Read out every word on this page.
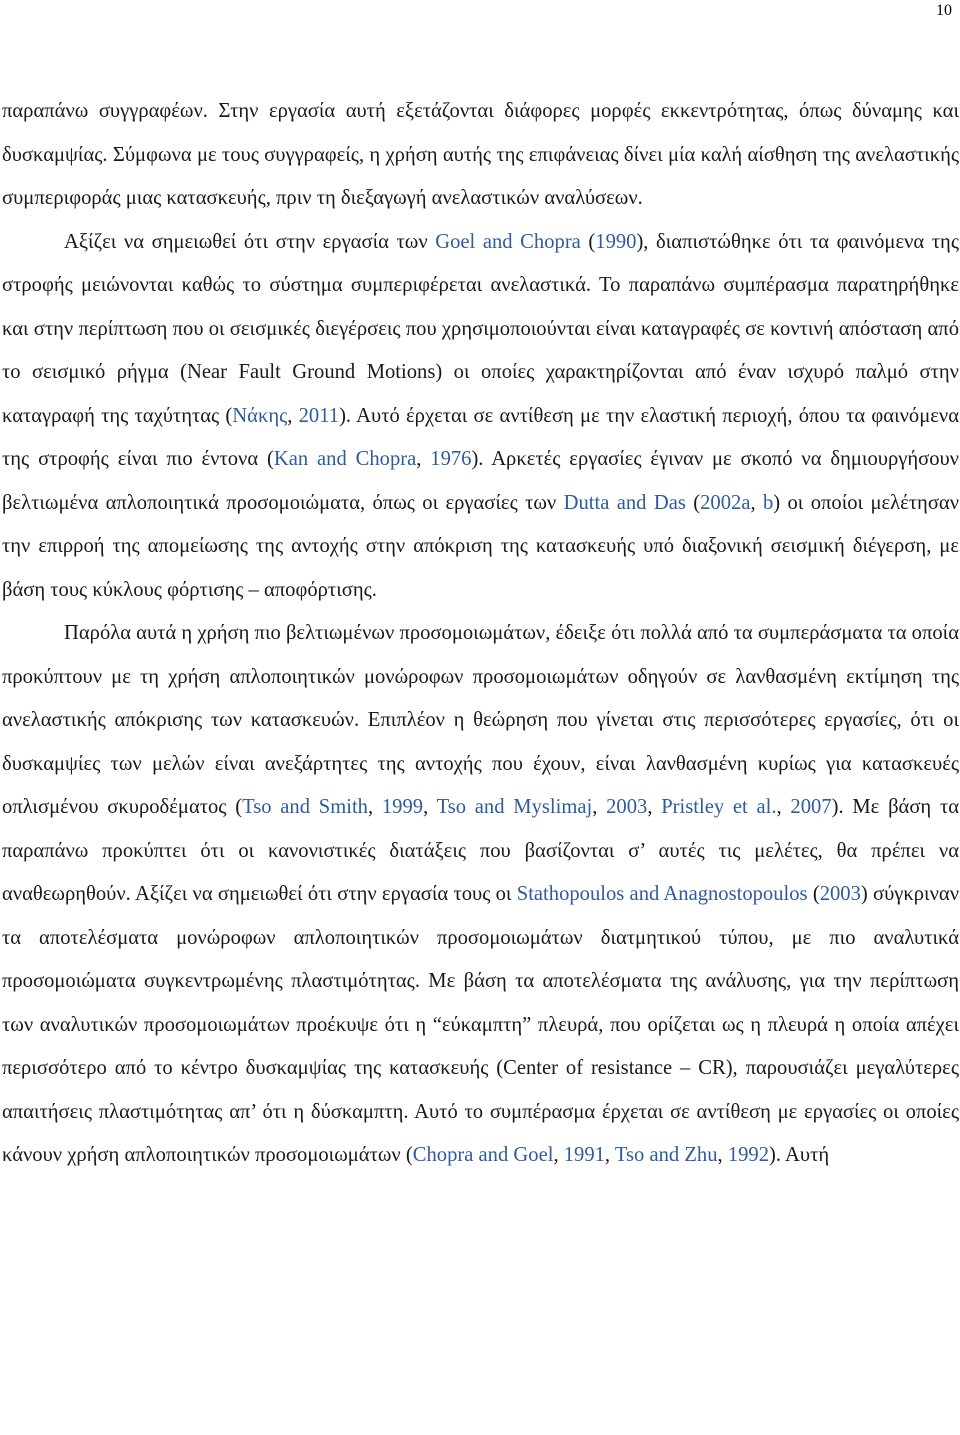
10

παραπάνω συγγραφέων. Στην εργασία αυτή εξετάζονται διάφορες μορφές εκκεντρότητας, όπως δύναμης και δυσκαμψίας. Σύμφωνα με τους συγγραφείς, η χρήση αυτής της επιφάνειας δίνει μία καλή αίσθηση της ανελαστικής συμπεριφοράς μιας κατασκευής, πριν τη διεξαγωγή ανελαστικών αναλύσεων.

Αξίζει να σημειωθεί ότι στην εργασία των Goel and Chopra (1990), διαπιστώθηκε ότι τα φαινόμενα της στροφής μειώνονται καθώς το σύστημα συμπεριφέρεται ανελαστικά. Το παραπάνω συμπέρασμα παρατηρήθηκε και στην περίπτωση που οι σεισμικές διεγέρσεις που χρησιμοποιούνται είναι καταγραφές σε κοντινή απόσταση από το σεισμικό ρήγμα (Near Fault Ground Motions) οι οποίες χαρακτηρίζονται από έναν ισχυρό παλμό στην καταγραφή της ταχύτητας (Νάκης, 2011). Αυτό έρχεται σε αντίθεση με την ελαστική περιοχή, όπου τα φαινόμενα της στροφής είναι πιο έντονα (Kan and Chopra, 1976). Αρκετές εργασίες έγιναν με σκοπό να δημιουργήσουν βελτιωμένα απλοποιητικά προσομοιώματα, όπως οι εργασίες των Dutta and Das (2002a, b) οι οποίοι μελέτησαν την επιρροή της απομείωσης της αντοχής στην απόκριση της κατασκευής υπό διαξονική σεισμική διέγερση, με βάση τους κύκλους φόρτισης – αποφόρτισης.

Παρόλα αυτά η χρήση πιο βελτιωμένων προσομοιωμάτων, έδειξε ότι πολλά από τα συμπεράσματα τα οποία προκύπτουν με τη χρήση απλοποιητικών μονώροφων προσομοιωμάτων οδηγούν σε λανθασμένη εκτίμηση της ανελαστικής απόκρισης των κατασκευών. Επιπλέον η θεώρηση που γίνεται στις περισσότερες εργασίες, ότι οι δυσκαμψίες των μελών είναι ανεξάρτητες της αντοχής που έχουν, είναι λανθασμένη κυρίως για κατασκευές οπλισμένου σκυροδέματος (Tso and Smith, 1999, Tso and Myslimaj, 2003, Pristley et al., 2007). Με βάση τα παραπάνω προκύπτει ότι οι κανονιστικές διατάξεις που βασίζονται σ’ αυτές τις μελέτες, θα πρέπει να αναθεωρηθούν. Αξίζει να σημειωθεί ότι στην εργασία τους οι Stathopoulos and Anagnostopoulos (2003) σύγκριναν τα αποτελέσματα μονώροφων απλοποιητικών προσομοιωμάτων διατμητικού τύπου, με πιο αναλυτικά προσομοιώματα συγκεντρωμένης πλαστιμότητας. Με βάση τα αποτελέσματα της ανάλυσης, για την περίπτωση των αναλυτικών προσομοιωμάτων προέκυψε ότι η “εύκαμπτη” πλευρά, που ορίζεται ως η πλευρά η οποία απέχει περισσότερο από το κέντρο δυσκαμψίας της κατασκευής (Center of resistance – CR), παρουσιάζει μεγαλύτερες απαιτήσεις πλαστιμότητας απ’ ότι η δύσκαμπτη. Αυτό το συμπέρασμα έρχεται σε αντίθεση με εργασίες οι οποίες κάνουν χρήση απλοποιητικών προσομοιωμάτων (Chopra and Goel, 1991, Tso and Zhu, 1992). Αυτή
